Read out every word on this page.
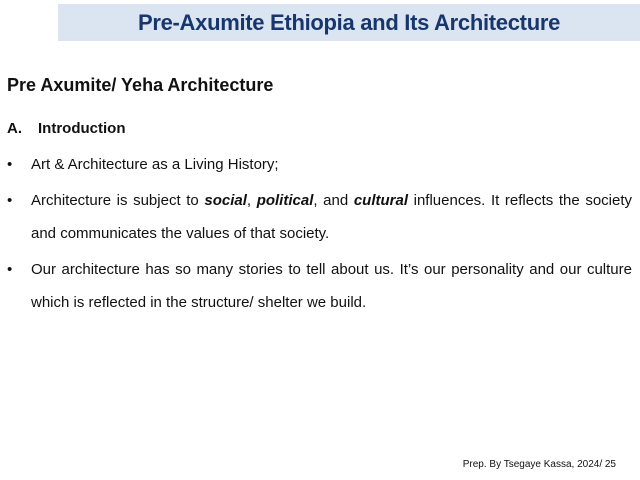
Pre-Axumite Ethiopia and Its Architecture
Pre Axumite/ Yeha Architecture
A. Introduction
•	Art & Architecture as a Living History;
•	Architecture is subject to social, political, and cultural influences. It reflects the society and communicates the values of that society.
•	Our architecture has so many stories to tell about us. It’s our personality and our culture which is reflected in the structure/ shelter we build.
Prep. By Tsegaye Kassa, 2024/ 25
